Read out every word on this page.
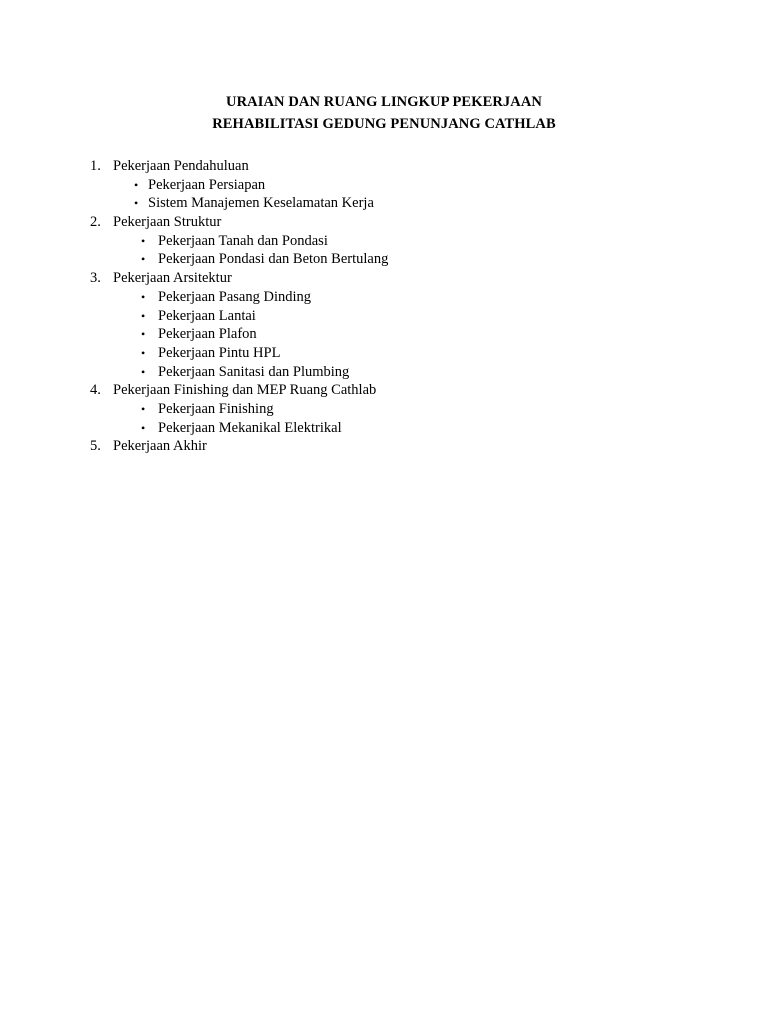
URAIAN DAN RUANG LINGKUP PEKERJAAN

REHABILITASI GEDUNG PENUNJANG CATHLAB

1. Pekerjaan Pendahuluan
• Pekerjaan Persiapan
• Sistem Manajemen Keselamatan Kerja
2. Pekerjaan Struktur
• Pekerjaan Tanah dan Pondasi
• Pekerjaan Pondasi dan Beton Bertulang
3. Pekerjaan Arsitektur
• Pekerjaan Pasang Dinding
• Pekerjaan Lantai
• Pekerjaan Plafon
• Pekerjaan Pintu HPL
• Pekerjaan Sanitasi dan Plumbing
4. Pekerjaan Finishing dan MEP Ruang Cathlab
• Pekerjaan Finishing
• Pekerjaan Mekanikal Elektrikal
5. Pekerjaan Akhir
